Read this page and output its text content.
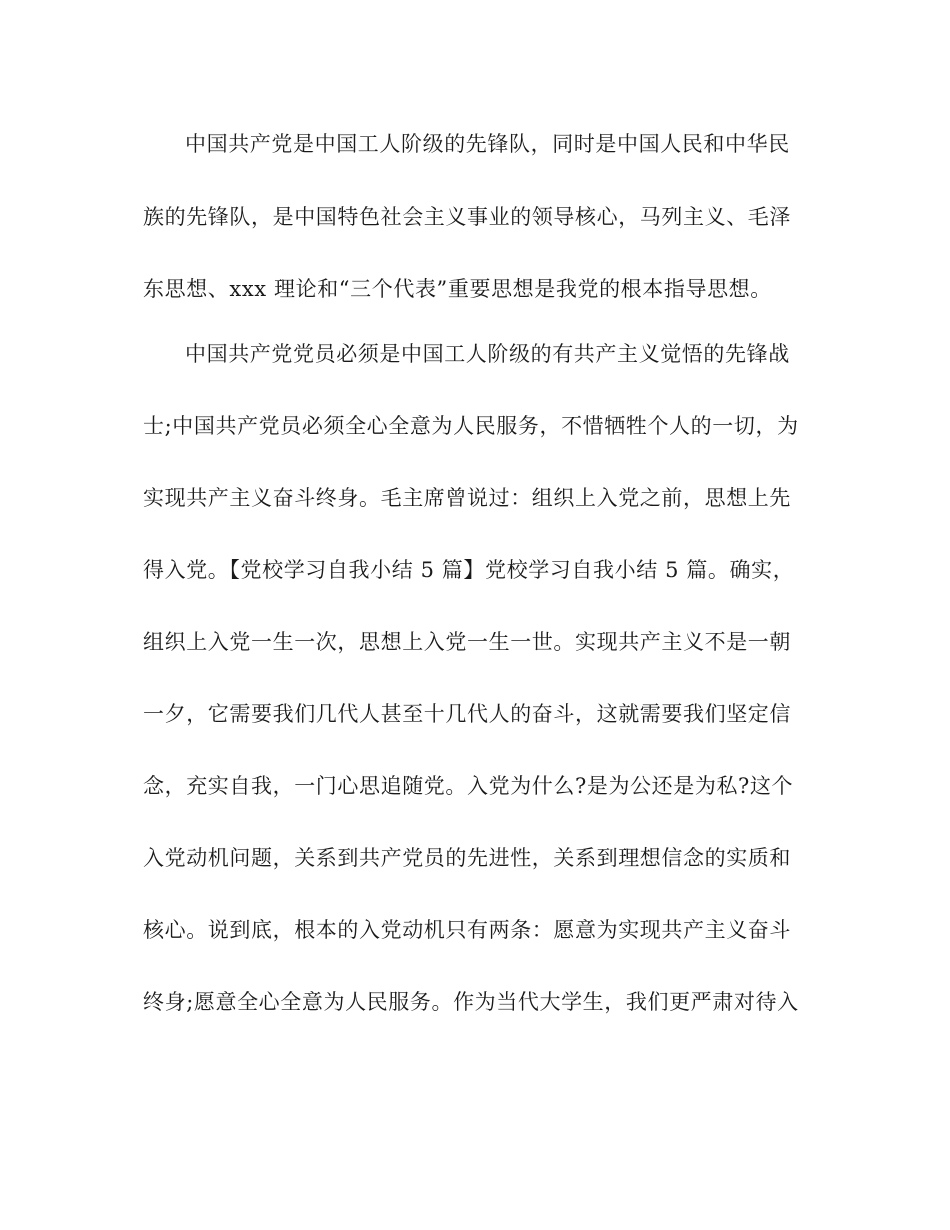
中国共产党是中国工人阶级的先锋队，同时是中国人民和中华民

族的先锋队，是中国特色社会主义事业的领导核心，马列主义、毛泽

东思想、xxx 理论和“三个代表”重要思想是我党的根本指导思想。

中国共产党党员必须是中国工人阶级的有共产主义觉悟的先锋战

士;中国共产党员必须全心全意为人民服务，不惜牺牲个人的一切，为

实现共产主义奋斗终身。毛主席曾说过：组织上入党之前，思想上先

得入党。【党校学习自我小结 5 篇】党校学习自我小结 5 篇。确实，

组织上入党一生一次，思想上入党一生一世。实现共产主义不是一朝

一夕，它需要我们几代人甚至十几代人的奋斗，这就需要我们坚定信

念，充实自我，一门心思追随党。入党为什么?是为公还是为私?这个

入党动机问题，关系到共产党员的先进性，关系到理想信念的实质和

核心。说到底，根本的入党动机只有两条：愿意为实现共产主义奋斗

终身;愿意全心全意为人民服务。作为当代大学生，我们更严肃对待入
